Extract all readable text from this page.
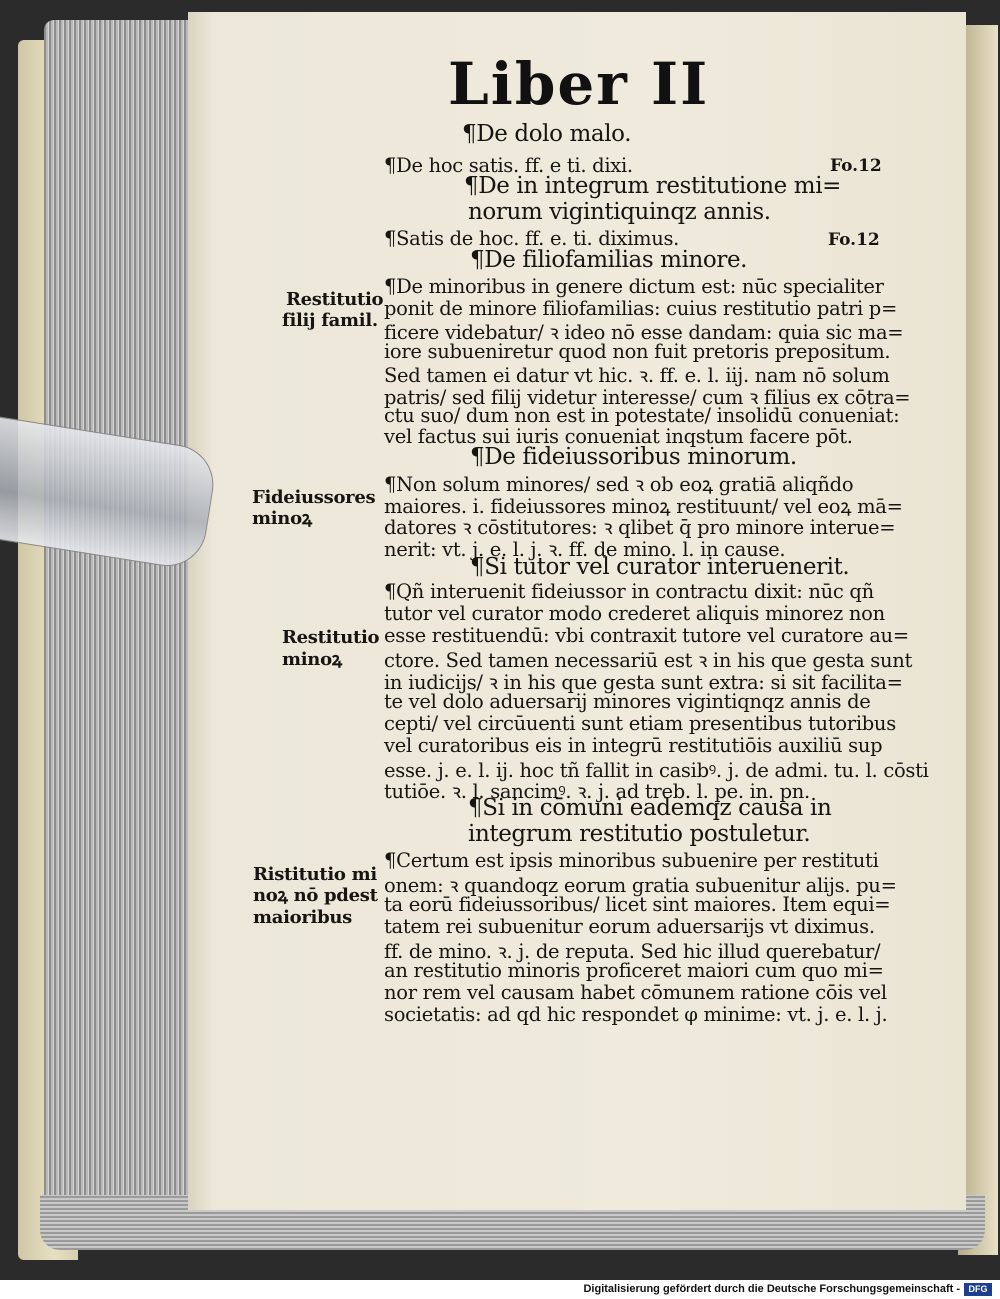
Liber II
¶De dolo malo.
¶De hoc satis. ff. e ti. dixi.	Fo.12
¶De in integrum restitutione mi=
norum vigintiquinqz annis.
¶Satis de hoc. ff. e. ti. diximus.	Fo.12
¶De filiofamilias minore.
¶De minoribus in genere dictum est: nūc specialiter
ponit de minore filiofamilias: cuius restitutio patri p=
ficere videbatur/ ꝛ ideo nō esse dandam: quia sic ma=
iore subueniretur quod non fuit pretoris prepositum.
Sed tamen ei datur vt hic. ꝛ. ff. e. l. iij. nam nō solum
patris/ sed filij videtur interesse/ cum ꝛ filius ex cōtra=
ctu suo/ dum non est in potestate/ insolidū conueniat:
vel factus sui iuris conueniat inqstum facere pōt.
¶De fideiussoribus minorum.
¶Non solum minores/ sed ꝛ ob eoꝝ gratiā aliqñdo
maiores. i. fideiussores minoꝝ restituunt/ vel eoꝝ mā=
datores ꝛ cōstitutores: ꝛ qlibet q̄ pro minore interue=
nerit: vt. j. e. l. j. ꝛ. ff. de mino. l. in cause.
¶Si tutor vel curator interuenerit.
¶Qñ interuenit fideiussor in contractu dixit: nūc qñ
tutor vel curator modo crederet aliquis minorez non
esse restituendū: vbi contraxit tutore vel curatore au=
ctore. Sed tamen necessariū est ꝛ in his que gesta sunt
in iudicijs/ ꝛ in his que gesta sunt extra: si sit facilita=
te vel dolo aduersarij minores vigintiqnqz annis de
cepti/ vel circūuenti sunt etiam presentibus tutoribus
vel curatoribus eis in integrū restitutiōis auxiliū sup
esse. j. e. l. ij. hoc tñ fallit in casibꝰ. j. de admi. tu. l. cōsti
tutiōe. ꝛ. l. sancimꝰ. ꝛ. j. ad treb. l. pe. in. pn.
¶Si in cōmuni eademqz causa in
integrum restitutio postuletur.
¶Certum est ipsis minoribus subuenire per restituti
onem: ꝛ quandoqz eorum gratia subuenitur alijs. pu=
ta eorū fideiussoribus/ licet sint maiores. Item equi=
tatem rei subuenitur eorum aduersarijs vt diximus.
ff. de mino. ꝛ. j. de reputa. Sed hic illud querebatur/
an restitutio minoris proficeret maiori cum quo mi=
nor rem vel causam habet cōmunem ratione cōis vel
societatis: ad qd hic respondet φ minime: vt. j. e. l. j.
Restitutio
filij famil.
Fideiussores
minoꝝ
Restitutio
minoꝝ
Ristitutio mi
noꝝ nō pdest
maioribus
Digitalisierung gefördert durch die Deutsche Forschungsgemeinschaft - DFG
